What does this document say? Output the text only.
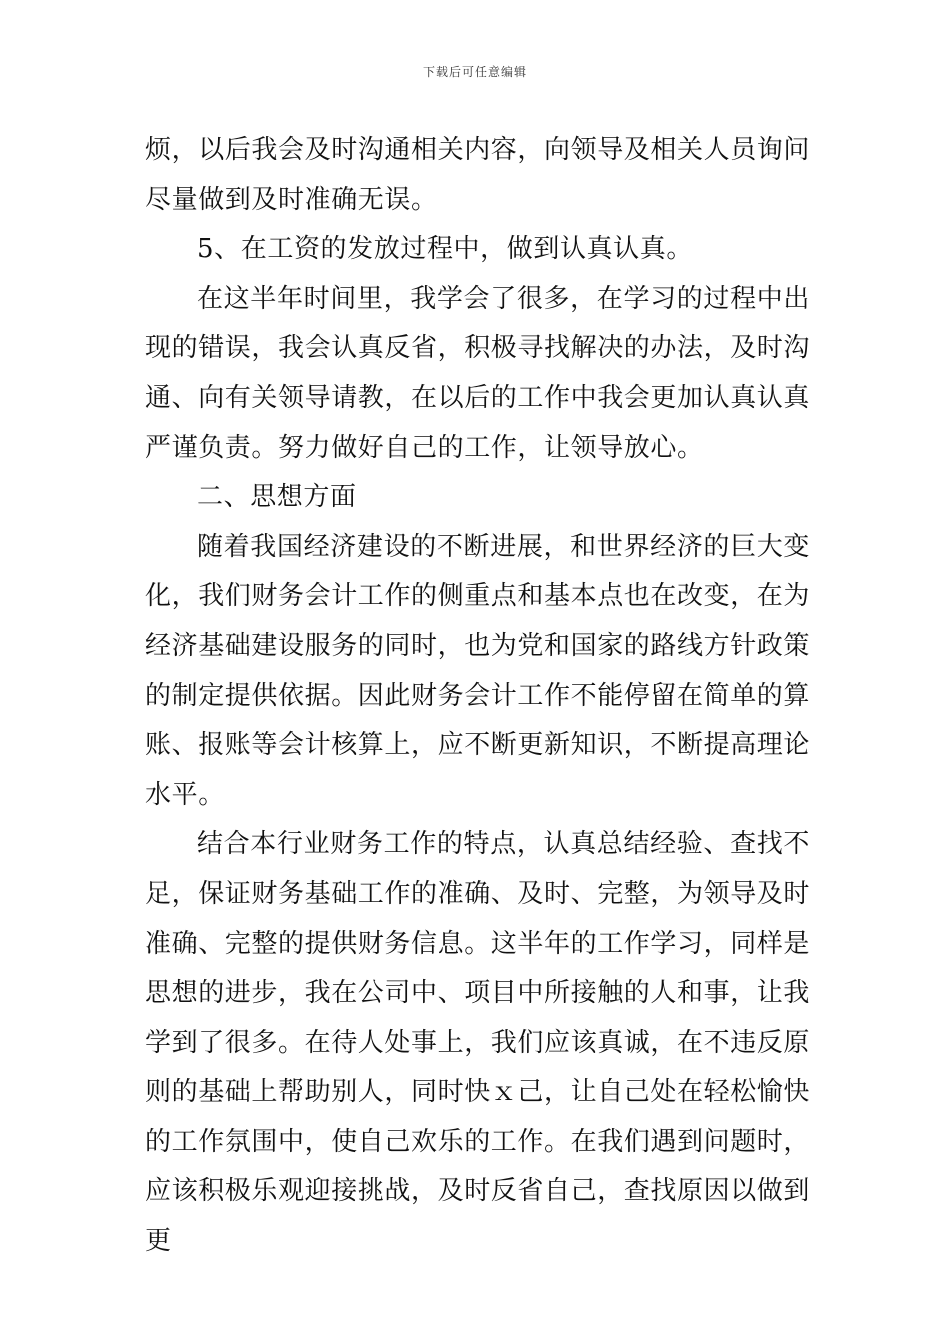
下载后可任意编辑

烦，以后我会及时沟通相关内容，向领导及相关人员询问尽量做到及时准确无误。

5、在工资的发放过程中，做到认真认真。

在这半年时间里，我学会了很多，在学习的过程中出现的错误，我会认真反省，积极寻找解决的办法，及时沟通、向有关领导请教，在以后的工作中我会更加认真认真严谨负责。努力做好自己的工作，让领导放心。

二、思想方面

随着我国经济建设的不断进展，和世界经济的巨大变化，我们财务会计工作的侧重点和基本点也在改变，在为经济基础建设服务的同时，也为党和国家的路线方针政策的制定提供依据。因此财务会计工作不能停留在简单的算账、报账等会计核算上，应不断更新知识，不断提高理论水平。

结合本行业财务工作的特点，认真总结经验、查找不足，保证财务基础工作的准确、及时、完整，为领导及时准确、完整的提供财务信息。这半年的工作学习，同样是思想的进步，我在公司中、项目中所接触的人和事，让我学到了很多。在待人处事上，我们应该真诚，在不违反原则的基础上帮助别人，同时快ｘ己，让自己处在轻松愉快的工作氛围中，使自己欢乐的工作。在我们遇到问题时，应该积极乐观迎接挑战，及时反省自己，查找原因以做到更
